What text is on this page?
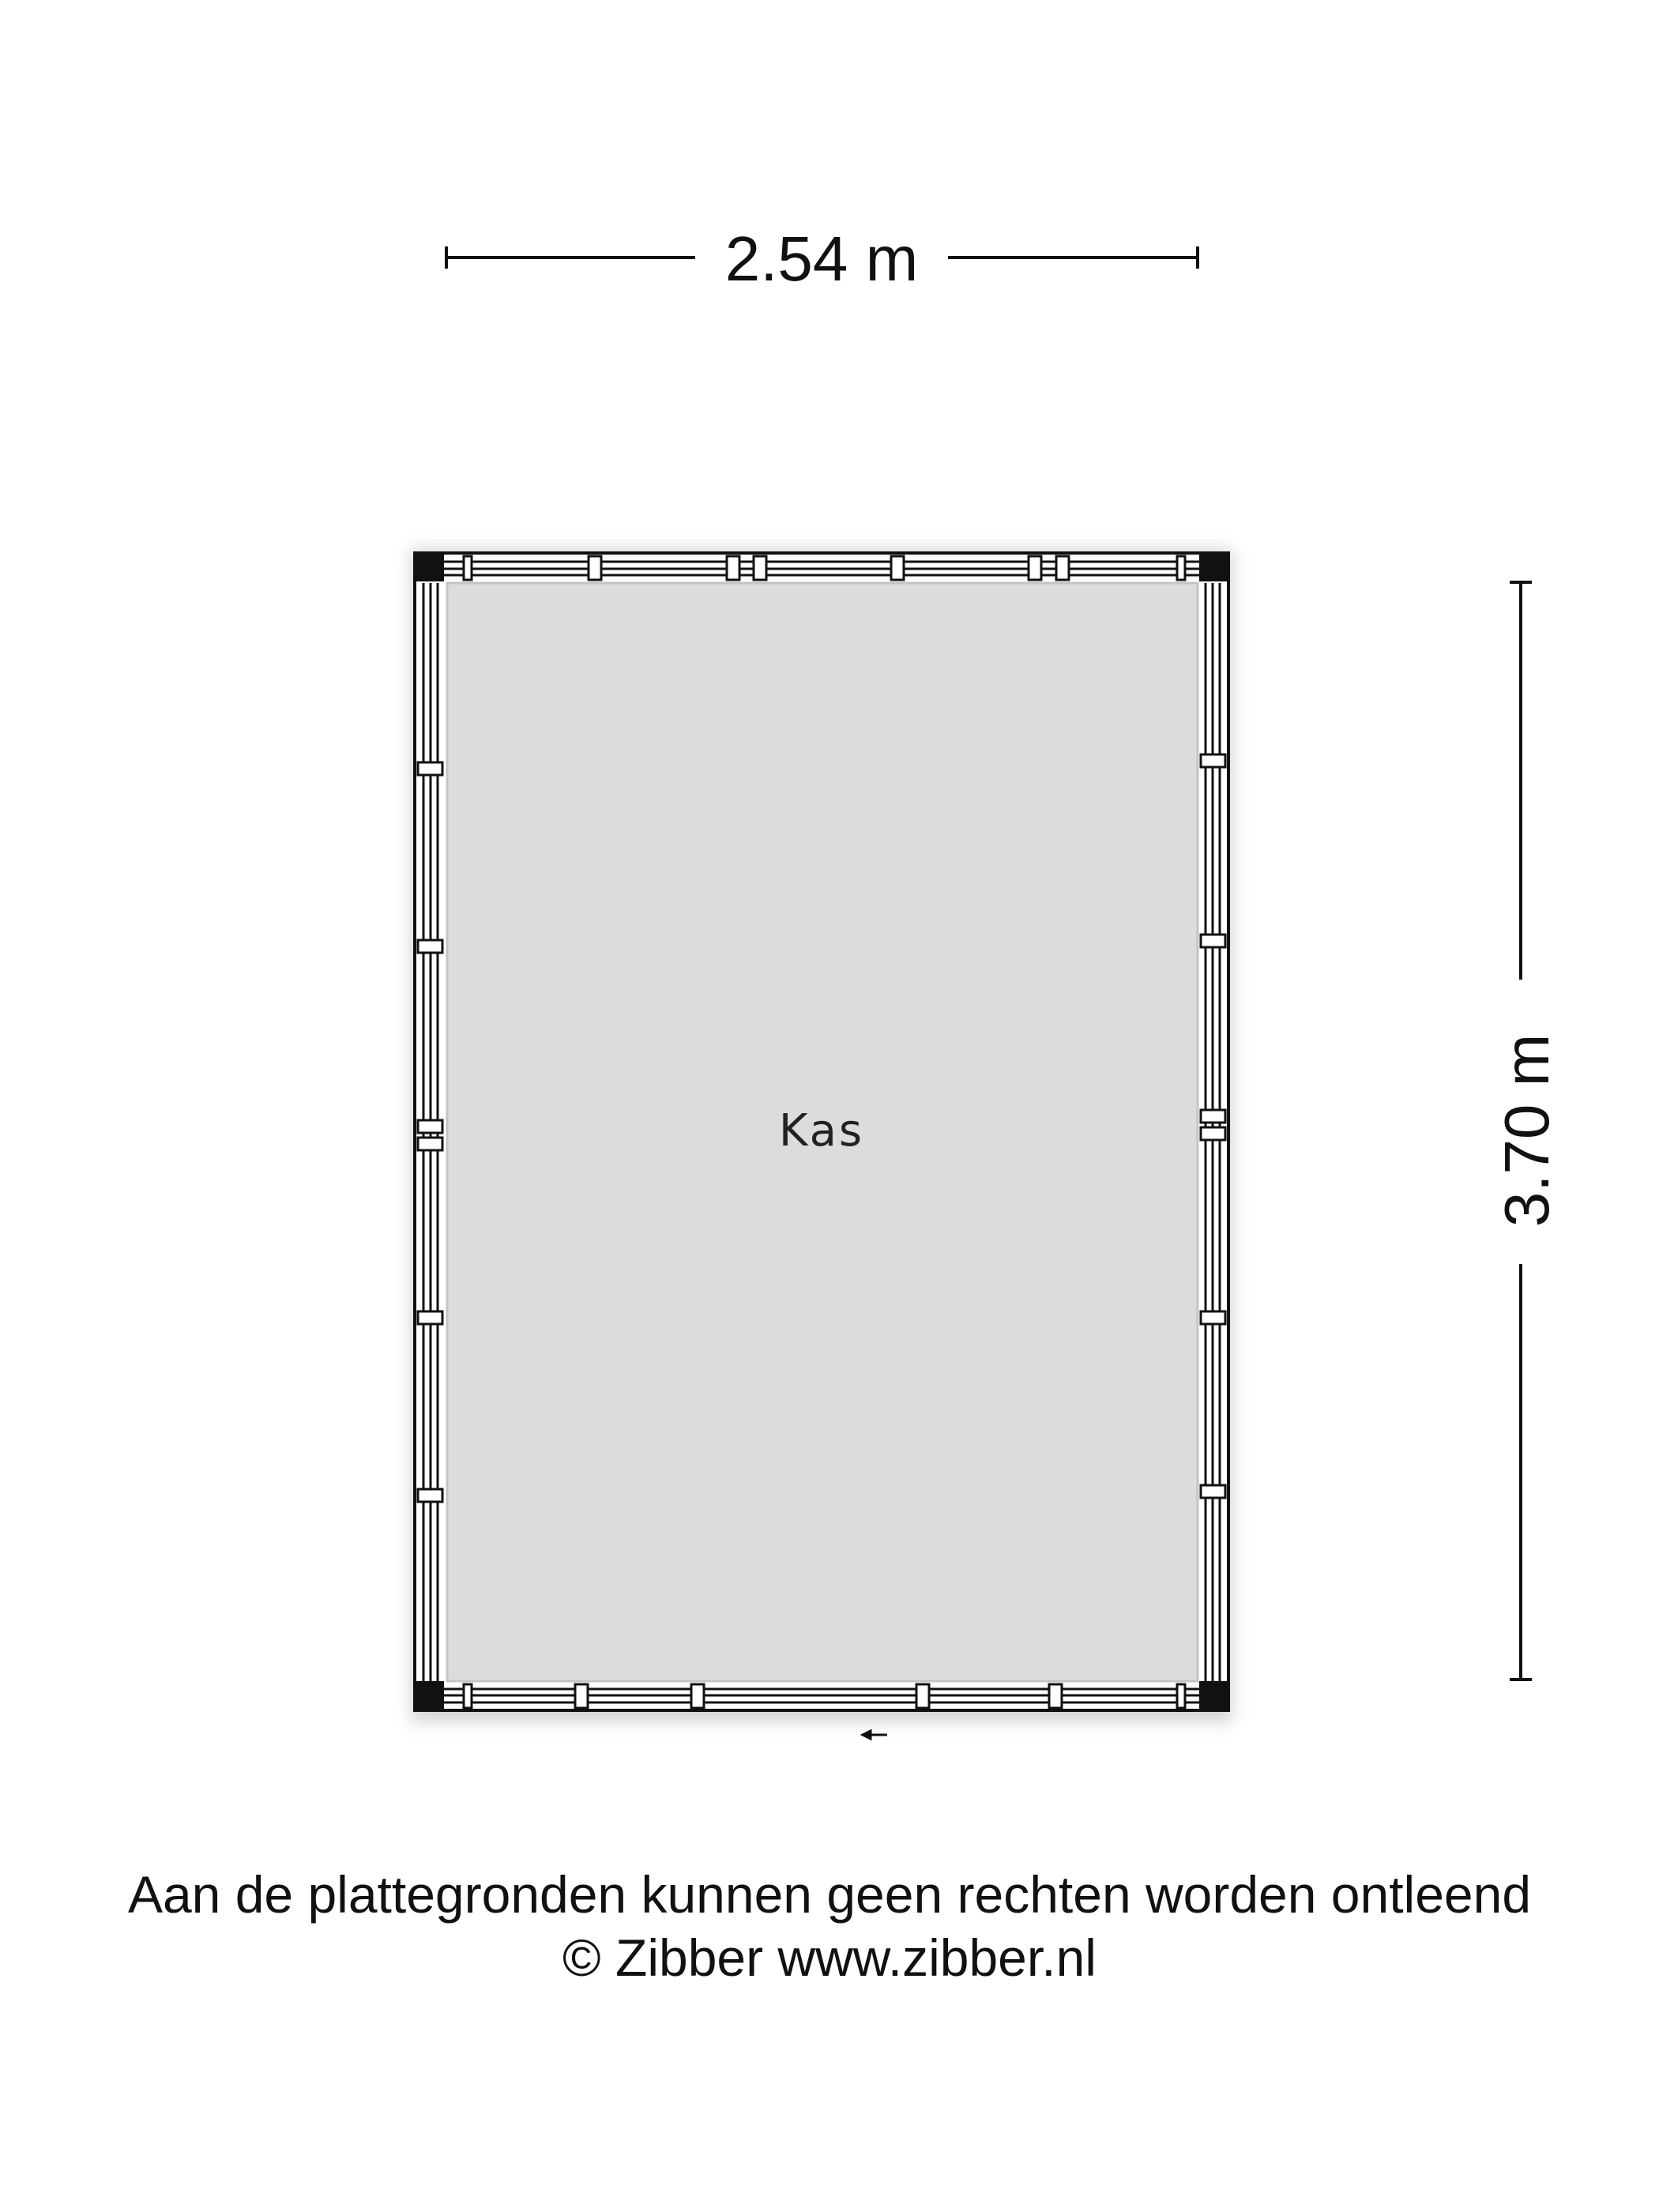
2.54 m
3.70 m
Kas
Aan de plattegronden kunnen geen rechten worden ontleend
© Zibber www.zibber.nl
